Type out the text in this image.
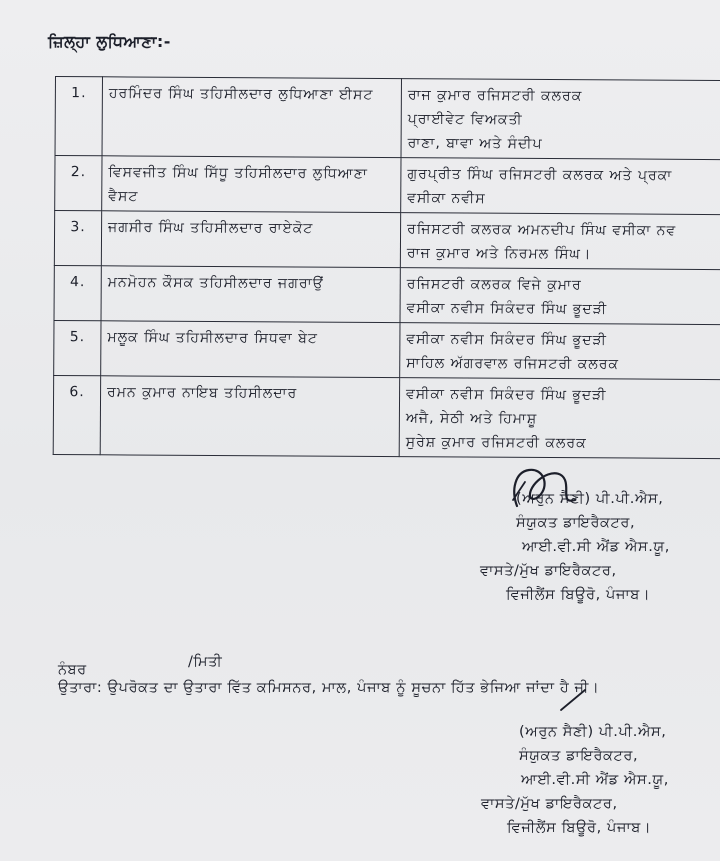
ਜ਼ਿਲ੍ਹਾ ਲੁਧਿਆਣਾ:-
1.	ਹਰਮਿੰਦਰ ਸਿੰਘ ਤਹਿਸੀਲਦਾਰ ਲੁਧਿਆਣਾ ਈਸਟ	ਰਾਜ ਕੁਮਾਰ ਰਜਿਸਟਰੀ ਕਲਰਕ
ਪ੍ਰਾਈਵੇਟ ਵਿਅਕਤੀ
ਰਾਣਾ, ਬਾਵਾ ਅਤੇ ਸੰਦੀਪ

2.	ਵਿਸਵਜੀਤ ਸਿੰਘ ਸਿੱਧੂ ਤਹਿਸੀਲਦਾਰ ਲੁਧਿਆਣਾ ਵੈਸਟ	ਗੁਰਪ੍ਰੀਤ ਸਿੰਘ ਰਜਿਸਟਰੀ ਕਲਰਕ ਅਤੇ ਪ੍ਰਕਾ
ਵਸੀਕਾ ਨਵੀਸ

3.	ਜਗਸੀਰ ਸਿੰਘ ਤਹਿਸੀਲਦਾਰ ਰਾਏਕੋਟ	ਰਜਿਸਟਰੀ ਕਲਰਕ ਅਮਨਦੀਪ ਸਿੰਘ ਵਸੀਕਾ ਨਵ
ਰਾਜ ਕੁਮਾਰ ਅਤੇ ਨਿਰਮਲ ਸਿੰਘ।

4.	ਮਨਮੋਹਨ ਕੌਸਕ ਤਹਿਸੀਲਦਾਰ ਜਗਰਾਉਂ	ਰਜਿਸਟਰੀ ਕਲਰਕ ਵਿਜੇ ਕੁਮਾਰ
ਵਸੀਕਾ ਨਵੀਸ ਸਿਕੰਦਰ ਸਿੰਘ ਭੂਦੜੀ

5.	ਮਲੂਕ ਸਿੰਘ ਤਹਿਸੀਲਦਾਰ ਸਿਧਵਾ ਬੇਟ	ਵਸੀਕਾ ਨਵੀਸ ਸਿਕੰਦਰ ਸਿੰਘ ਭੂਦੜੀ
ਸਾਹਿਲ ਅੱਗਰਵਾਲ ਰਜਿਸਟਰੀ ਕਲਰਕ

6.	ਰਮਨ ਕੁਮਾਰ ਨਾਇਬ ਤਹਿਸੀਲਦਾਰ	ਵਸੀਕਾ ਨਵੀਸ ਸਿਕੰਦਰ ਸਿੰਘ ਭੂਦੜੀ
ਅਜੈ, ਸੇਠੀ ਅਤੇ ਹਿਮਾਸ਼ੂ
ਸੁਰੇਸ਼ ਕੁਮਾਰ ਰਜਿਸਟਰੀ ਕਲਰਕ
(ਅਰੁਨ ਸੈਣੀ) ਪੀ.ਪੀ.ਐਸ,
ਸੰਯੁਕਤ ਡਾਇਰੈਕਟਰ,
ਆਈ.ਵੀ.ਸੀ ਐਂਡ ਐਸ.ਯੂ,
ਵਾਸਤੇ/ਮੁੱਖ ਡਾਇਰੈਕਟਰ,
ਵਿਜੀਲੈਂਸ ਬਿਊਰੋ, ਪੰਜਾਬ।
ਨੰਬਰ	/ਮਿਤੀ
ਉਤਾਰਾ: ਉਪਰੋਕਤ ਦਾ ਉਤਾਰਾ ਵਿੱਤ ਕਮਿਸਨਰ, ਮਾਲ, ਪੰਜਾਬ ਨੂੰ ਸੂਚਨਾ ਹਿੱਤ ਭੇਜਿਆ ਜਾਂਦਾ ਹੈ ਜੀ।
(ਅਰੁਨ ਸੈਣੀ) ਪੀ.ਪੀ.ਐਸ,
ਸੰਯੁਕਤ ਡਾਇਰੈਕਟਰ,
ਆਈ.ਵੀ.ਸੀ ਐਂਡ ਐਸ.ਯੂ,
ਵਾਸਤੇ/ਮੁੱਖ ਡਾਇਰੈਕਟਰ,
ਵਿਜੀਲੈਂਸ ਬਿਊਰੋ, ਪੰਜਾਬ।
